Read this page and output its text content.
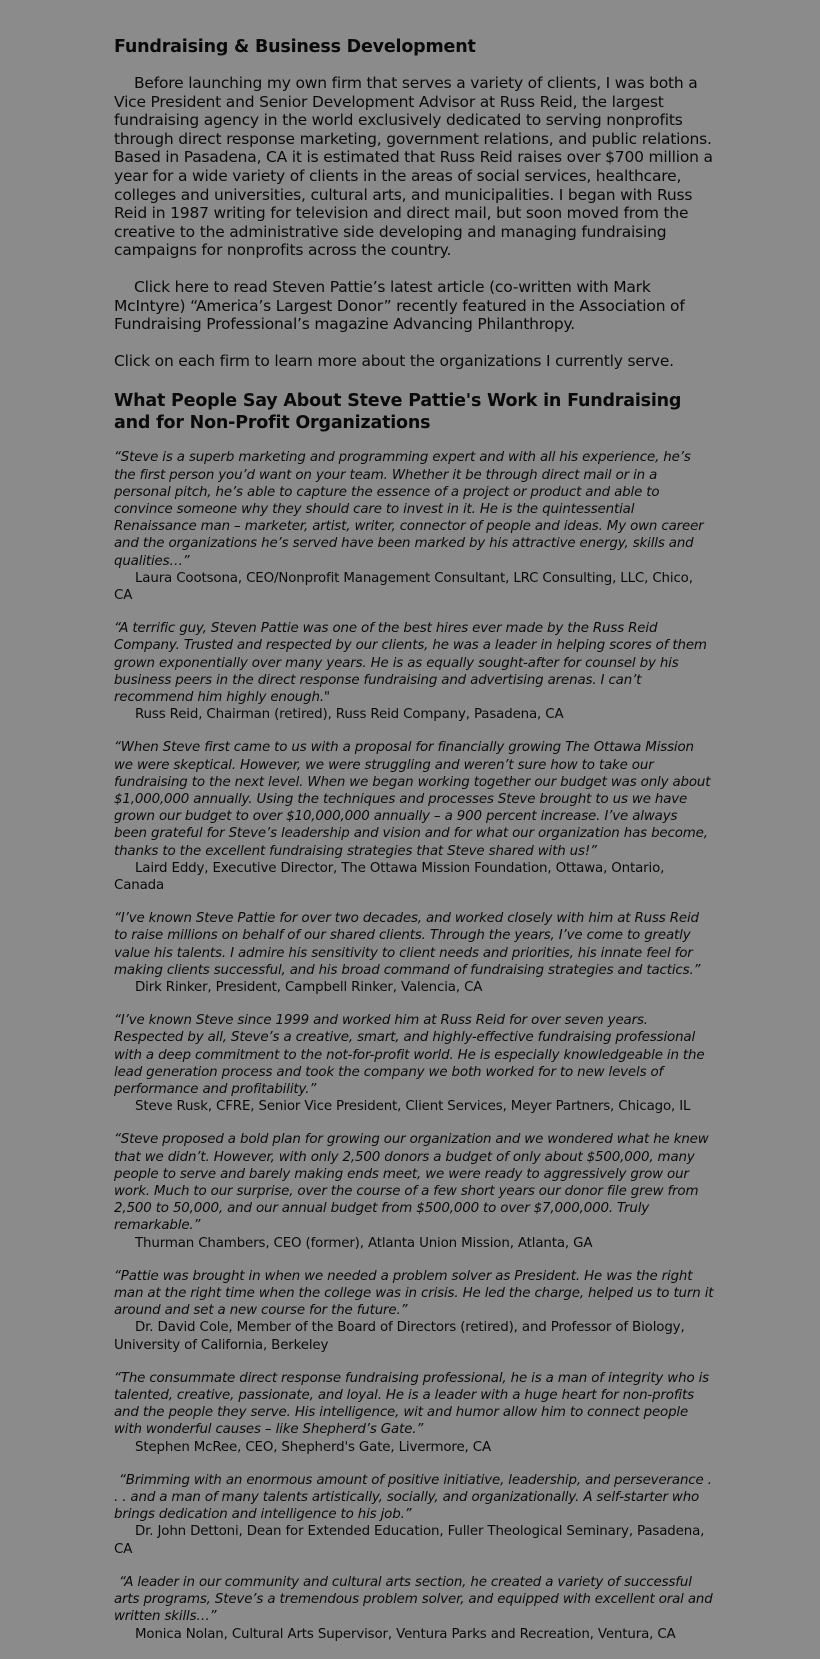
Fundraising & Business Development

Before launching my own firm that serves a variety of clients, I was both a Vice President and Senior Development Advisor at Russ Reid, the largest fundraising agency in the world exclusively dedicated to serving nonprofits through direct response marketing, government relations, and public relations. Based in Pasadena, CA it is estimated that Russ Reid raises over $700 million a year for a wide variety of clients in the areas of social services, healthcare, colleges and universities, cultural arts, and municipalities. I began with Russ Reid in 1987 writing for television and direct mail, but soon moved from the creative to the administrative side developing and managing fundraising campaigns for nonprofits across the country.

Click here to read Steven Pattie’s latest article (co-written with Mark McIntyre) “America’s Largest Donor” recently featured in the Association of Fundraising Professional’s magazine Advancing Philanthropy.

Click on each firm to learn more about the organizations I currently serve.

What People Say About Steve Pattie's Work in Fundraising and for Non-Profit Organizations

“Steve is a superb marketing and programming expert and with all his experience, he’s the first person you’d want on your team. Whether it be through direct mail or in a personal pitch, he’s able to capture the essence of a project or product and able to convince someone why they should care to invest in it. He is the quintessential Renaissance man – marketer, artist, writer, connector of people and ideas. My own career and the organizations he’s served have been marked by his attractive energy, skills and qualities…”

Laura Cootsona, CEO/Nonprofit Management Consultant, LRC Consulting, LLC, Chico, CA

“A terrific guy, Steven Pattie was one of the best hires ever made by the Russ Reid Company. Trusted and respected by our clients, he was a leader in helping scores of them grown exponentially over many years. He is as equally sought-after for counsel by his business peers in the direct response fundraising and advertising arenas. I can’t recommend him highly enough."

Russ Reid, Chairman (retired), Russ Reid Company, Pasadena, CA

“When Steve first came to us with a proposal for financially growing The Ottawa Mission we were skeptical. However, we were struggling and weren’t sure how to take our fundraising to the next level. When we began working together our budget was only about $1,000,000 annually. Using the techniques and processes Steve brought to us we have grown our budget to over $10,000,000 annually – a 900 percent increase. I’ve always been grateful for Steve’s leadership and vision and for what our organization has become, thanks to the excellent fundraising strategies that Steve shared with us!”

Laird Eddy, Executive Director, The Ottawa Mission Foundation, Ottawa, Ontario, Canada

“I’ve known Steve Pattie for over two decades, and worked closely with him at Russ Reid to raise millions on behalf of our shared clients. Through the years, I’ve come to greatly value his talents. I admire his sensitivity to client needs and priorities, his innate feel for making clients successful, and his broad command of fundraising strategies and tactics.”

Dirk Rinker, President, Campbell Rinker, Valencia, CA

“I’ve known Steve since 1999 and worked him at Russ Reid for over seven years. Respected by all, Steve’s a creative, smart, and highly-effective fundraising professional with a deep commitment to the not-for-profit world. He is especially knowledgeable in the lead generation process and took the company we both worked for to new levels of performance and profitability.”

Steve Rusk, CFRE, Senior Vice President, Client Services, Meyer Partners, Chicago, IL

“Steve proposed a bold plan for growing our organization and we wondered what he knew that we didn’t. However, with only 2,500 donors a budget of only about $500,000, many people to serve and barely making ends meet, we were ready to aggressively grow our work. Much to our surprise, over the course of a few short years our donor file grew from 2,500 to 50,000, and our annual budget from $500,000 to over $7,000,000. Truly remarkable.”

Thurman Chambers, CEO (former), Atlanta Union Mission, Atlanta, GA

“Pattie was brought in when we needed a problem solver as President. He was the right man at the right time when the college was in crisis. He led the charge, helped us to turn it around and set a new course for the future.”

Dr. David Cole, Member of the Board of Directors (retired), and Professor of Biology, University of California, Berkeley

“The consummate direct response fundraising professional, he is a man of integrity who is talented, creative, passionate, and loyal. He is a leader with a huge heart for non-profits and the people they serve. His intelligence, wit and humor allow him to connect people with wonderful causes – like Shepherd’s Gate.”

Stephen McRee, CEO, Shepherd's Gate, Livermore, CA

“Brimming with an enormous amount of positive initiative, leadership, and perseverance . . . and a man of many talents artistically, socially, and organizationally. A self-starter who brings dedication and intelligence to his job.”

Dr. John Dettoni, Dean for Extended Education, Fuller Theological Seminary, Pasadena, CA

“A leader in our community and cultural arts section, he created a variety of successful arts programs, Steve’s a tremendous problem solver, and equipped with excellent oral and written skills…”

Monica Nolan, Cultural Arts Supervisor, Ventura Parks and Recreation, Ventura, CA
